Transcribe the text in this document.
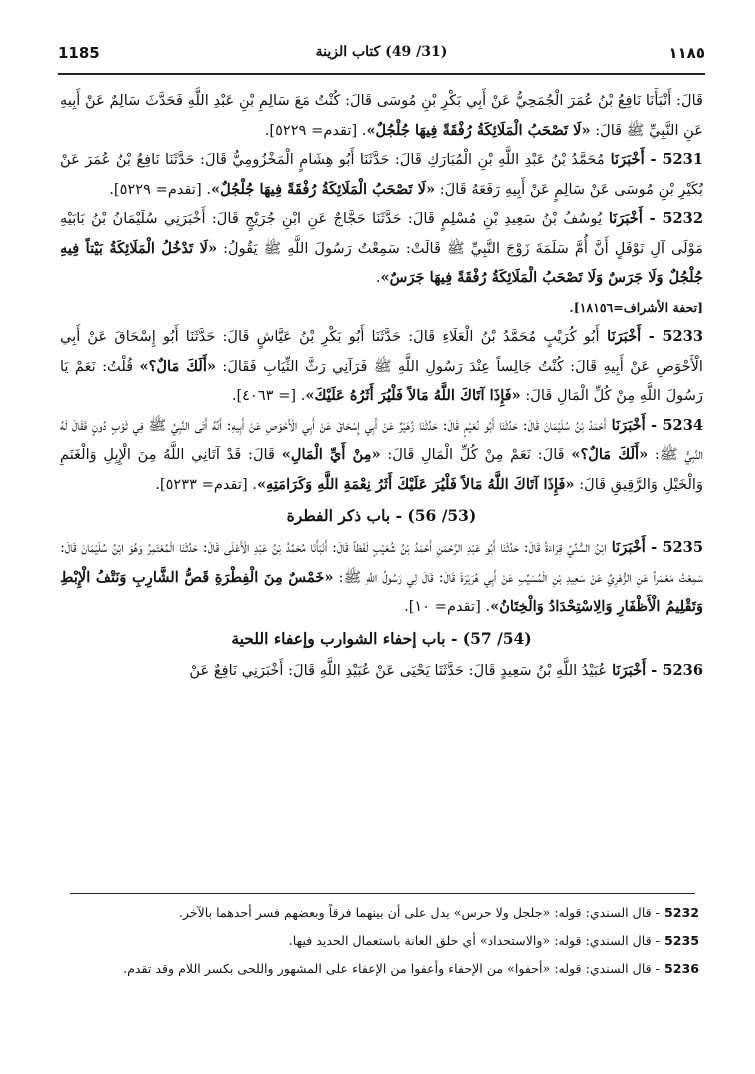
1185	(31/ 49) كتاب الزينة	١١٨٥

قَالَ: أَنْبَأَنَا نَافِعُ بْنُ عُمَرَ الْجُمَحِيُّ عَنْ أَبِي بَكْرِ بْنِ مُوسَى قَالَ: كُنْتُ مَعَ سَالِمِ بْنِ عَبْدِ اللَّهِ فَحَدَّثَ سَالِمٌ عَنْ أَبِيهِ عَنِ النَّبِيِّ ﷺ قَالَ: «لَا تَصْحَبُ الْمَلَائِكَةُ رُفْقَةً فِيهَا جُلْجُلٌ». [تقدم= ٥٢٢٩].

5231 - أَخْبَرَنَا مُحَمَّدُ بْنُ عَبْدِ اللَّهِ بْنِ الْمُبَارَكِ قَالَ: حَدَّثَنَا أَبُو هِشَامٍ الْمَخْزُومِيُّ قَالَ: حَدَّثَنَا نَافِعُ بْنُ عُمَرَ عَنْ بُكَيْرِ بْنِ مُوسَى عَنْ سَالِمٍ عَنْ أَبِيهِ رَفَعَهُ قَالَ: «لَا تَصْحَبُ الْمَلَائِكَةُ رُفْقَةً فِيهَا جُلْجُلٌ». [تقدم= ٥٢٢٩].

5232 - أَخْبَرَنَا يُوسُفُ بْنُ سَعِيدِ بْنِ مُسْلِمٍ قَالَ: حَدَّثَنَا حَجَّاجٌ عَنِ ابْنِ جُرَيْجٍ قَالَ: أَخْبَرَنِي سُلَيْمَانُ بْنُ بَابَيْهِ مَوْلَى آلِ نَوْفَلٍ أَنَّ أُمَّ سَلَمَةَ زَوْجَ النَّبِيِّ ﷺ قَالَتْ: سَمِعْتُ رَسُولَ اللَّهِ ﷺ يَقُولُ: «لَا تَدْخُلُ الْمَلَائِكَةُ بَيْتاً فِيهِ جُلْجُلٌ وَلَا جَرَسٌ وَلَا تَصْحَبُ الْمَلَائِكَةُ رُفْقَةً فِيهَا جَرَسٌ».

[تحفة الأشراف=١٨١٥٦].

5233 - أَخْبَرَنَا أَبُو كُرَيْبٍ مُحَمَّدُ بْنُ الْعَلَاءِ قَالَ: حَدَّثَنَا أَبُو بَكْرِ بْنُ عَيَّاشٍ قَالَ: حَدَّثَنَا أَبُو إِسْحَاقَ عَنْ أَبِي الْأَحْوَصِ عَنْ أَبِيهِ قَالَ: كُنْتُ جَالِساً عِنْدَ رَسُولِ اللَّهِ ﷺ فَرَآنِي رَثَّ الثِّيَابِ فَقَالَ: «أَلَكَ مَالٌ؟» قُلْتُ: نَعَمْ يَا رَسُولَ اللَّهِ مِنْ كُلِّ الْمَالِ قَالَ: «فَإِذَا آتَاكَ اللَّهُ مَالاً فَلْيُرَ أَثَرُهُ عَلَيْكَ». [= ٤٠٦٣].

5234 - أَخْبَرَنَا أَحْمَدُ بْنُ سُلَيْمَانَ قَالَ: حَدَّثَنَا أَبُو نُعَيْمٍ قَالَ: حَدَّثَنَا زُهَيْرٌ عَنْ أَبِي إِسْحَاقَ عَنْ أَبِي الْأَحْوَصِ عَنْ أَبِيهِ: أَنَّهُ أَتَى النَّبِيَّ ﷺ فِي ثَوْبٍ دُونٍ فَقَالَ لَهُ النَّبِيُّ ﷺ: «أَلَكَ مَالٌ؟» قَالَ: نَعَمْ مِنْ كُلِّ الْمَالِ قَالَ: «مِنْ أَيِّ الْمَالِ» قَالَ: قَدْ آتَانِي اللَّهُ مِنَ الْإِبِلِ وَالْغَنَمِ وَالْخَيْلِ وَالرَّقِيقِ قَالَ: «فَإِذَا آتَاكَ اللَّهُ مَالاً فَلْيُرَ عَلَيْكَ أَثَرُ نِعْمَةِ اللَّهِ وَكَرَامَتِهِ». [تقدم= ٥٢٣٣].

(53/ 56) - باب ذكر الفطرة

5235 - أَخْبَرَنَا ابْنُ السُّنِّيِّ قِرَاءَةً قَالَ: حَدَّثَنَا أَبُو عَبْدِ الرَّحْمَنِ أَحْمَدُ بْنُ شُعَيْبٍ لَفْظاً قَالَ: أَنْبَأَنَا مُحَمَّدُ بْنُ عَبْدِ الْأَعْلَى قَالَ: حَدَّثَنَا الْمُعْتَمِرُ وَهُوَ ابْنُ سُلَيْمَانَ قَالَ: سَمِعْتُ مَعْمَراً عَنِ الزُّهْرِيِّ عَنْ سَعِيدِ بْنِ الْمُسَيِّبِ عَنْ أَبِي هُرَيْرَةَ قَالَ: قَالَ لِي رَسُولُ اللَّهِ ﷺ: «خَمْسٌ مِنَ الْفِطْرَةِ قَصُّ الشَّارِبِ وَنَتْفُ الْإِبْطِ وَتَقْلِيمُ الْأَظْفَارِ وَالِاسْتِحْدَادُ وَالْخِتَانُ». [تقدم= ١٠].

(54/ 57) - باب إحفاء الشوارب وإعفاء اللحية

5236 - أَخْبَرَنَا عُبَيْدُ اللَّهِ بْنُ سَعِيدٍ قَالَ: حَدَّثَنَا يَحْيَى عَنْ عُبَيْدِ اللَّهِ قَالَ: أَخْبَرَنِي نَافِعٌ عَنْ

5232 - قال السندي: قوله: «جلجل ولا حرس» يدل على أن بينهما فرقاً وبعضهم فسر أحدهما بالآخر.

5235 - قال السندي: قوله: «والاستحداد» أي حلق العانة باستعمال الحديد فيها.

5236 - قال السندي: قوله: «أحفوا» من الإحفاء وأعفوا من الإعفاء على المشهور واللحى بكسر اللام وقد تقدم.
